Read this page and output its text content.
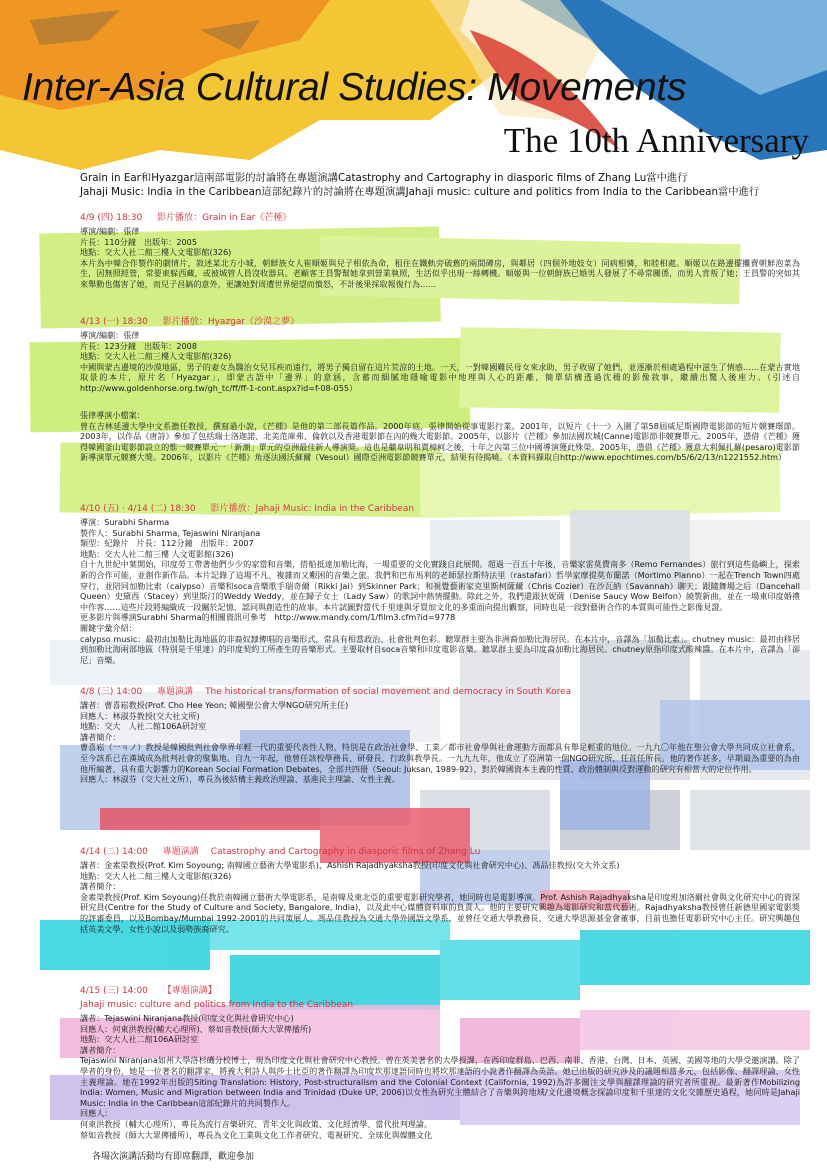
Inter-Asia Cultural Studies: Movements
The 10th Anniversary
Grain in Ear和Hyazgar這兩部電影的討論將在專題演講Catastrophy and Cartography in diasporic films of Zhang Lu當中進行
Jahaji Music: India in the Caribbean這部紀錄片的討論將在專題演講Jahaji music: culture and politics from India to the Caribbean當中進行
4/9 (四) 18:30 影片播放：Grain in Ear《芒種》
導演/編劇：張律
片長：110分鐘　出版年：2005
地點：交大人社二館三樓人文電影館(326)

本片為中韓合作製作的劇情片，敘述某北方小城，朝鮮族女人崔順姬與兒子相依為命，租住在鐵軌旁破舊的兩間磚房，與鄰居（四個外地妓女）同病相憐，和睦相處。順姬以在路邊擺攤賣朝鮮泡菜為生，因無照經營，常要東躲西藏，或被城管人員沒收器具。老顧客王員警幫她拿到營業執照，生活似乎出現一絲轉機。順姬與一位朝鮮族已婚男人發展了不尋常關係，而男人背叛了她；王員警的突如其來舉動也傷害了她，而兒子昌鎬的意外，更讓她對周遭世界絕望而憤怒，不計後果採取報復行為……

4/13 (一) 18:30 影片播放：Hyazgar《沙漠之夢》
導演/編劇：張律
片長：123分鐘　出版年：2008
地點：交大人社二館三樓人文電影館(326)

中國與蒙古邊境的沙漠地區，男子的妻女為醫治女兒耳疾而遠行，將男子獨自留在這片荒涼的土地。一天，一對韓國難民母女來求助，男子收留了她們，並逐漸於相處過程中滋生了情感……在蒙古實地取景的本片，原片名「Hyazgar」，即蒙古語中「邊界」的意涵，含蓄而細膩地隱喻電影中地理與人心的距離，簡單結構透過沈穩的影像敘事，繼續出驚人後座力。（引述自http://www.goldenhorse.org.tw/gh_tc/ff/ff-1-cont.aspx?id=f-08-055）

張律導演小檔案：

曾在吉林延邊大學中文系擔任教授，撰寫過小說，《芒種》是他的第二部長篇作品。2000年底，張律開始從事電影行業。2001年，以短片《十一》入圍了第58屆威尼斯國際電影節的短片競賽環節。2003年，以作品《唐詩》參加了包括瑞士洛迦諾、北美范庫弗、倫敦以及香港電影節在內的幾大電影節。2005年，以影片《芒種》參加法國坎城(Canne)電影節非競賽單元。2005年，憑借《芒種》獲得韓國釜山電影節設立的惟一競賽單元一「新潮」單元的亞洲最佳新人導演獎。這也是繼韋明和賈樟柯之後，十年之內第三位中國導演獲此殊榮。2005年，憑借《芒種》獲意大利佩扎羅(pesaro)電影節新導演單元競賽大獎。2006年，以影片《芒種》角逐法國沃蘇爾（Vesoul）國際亞洲電影節競賽單元，結果有待揭曉。（本資料擷取自http://www.epochtimes.com/b5/6/2/13/n1221552.htm）

4/10 (五) ‧ 4/14 (二) 18:30 影片播放：Jahaji Music: India in the Caribbean
導演：Surabhi Sharma
製作人：Surabhi Sharma, Tejaswini Niranjana
類型：紀錄片　片長：112分鐘　出版年：2007
地點：交大人社二館三樓 人文電影館(326)

自十九世紀中葉開始，印度勞工帶著他們少少的家當和音樂，搭船抵達加勒比海，一場重要的文化實踐自此展開。超過一百五十年後，音樂家雷莫費南多（Remo Fernandes）旅行到這些島嶼上，探索新的合作可能，並創作新作品。本片記錄了這場不凡、複雜而又艱困的音樂之旅。我們和巴布馬利的老師瑟拉斯特法里（rastafari）哲學家摩提莫布蘭諾（Mortimo Planno）一起在Trench Town四處穿行，並陪同加勒比索（calypso）音樂和soca音樂歌手瑞奇爾（Rikki Jai）到Skinner Park；和視覺藝術家克里斯柯薩爾（Chris Cozier）在沙瓦納（Savannah）聊天；跟隨舞場之后（Dancehall Queen）史黛西（Stacey）到里斯汀的Weddy Weddy，並在歸子女士（Lady Saw）的歌詞中熱情擺動。除此之外，我們還跟狄妮薩（Denise Saucy Wow Belfon）繞製新曲，並在一場東印度婚禮中作客……這些片段將編織成一段屬於記憶、認同與創造性的故事。本片試圖對當代千里達與牙買加文化的多重面向提出觀察，同時也是一段對藝術合作的本質與可能性之影像見證。

更多影片與導演Surabhi Sharma的相關資訊可參考　http://www.mandy.com/1/film3.cfm?id=9778
關鍵字彙介紹：

calypso music：最初由加勒比海地區的非裔奴隸傳唱的音樂形式，常具有相當政治、社會批判色彩。聽眾群主要為非洲裔加勒比海居民。在本片中，音譯為「加勒比索」。chutney music：最初由移居到加勒比海兩部地區（特別是千里達）的印度契約工所產生的音樂形式。主要取材自soca音樂和印度電影音樂。聽眾群主要為印度裔加勒比海居民。chutney原指印度式酸辣醬。在本片中，音譯為「卻尼」音樂。

4/8 (三) 14:00 專題演講 The historical trans/formation of social movement and democracy in South Korea
講者：曹喜崧教授(Prof. Cho Hee Yeon; 韓國聖公會大學NGO研究所主任)
回應人：林淑芬教授(交大社文所)
地點：交大　人社二館106A研討室
講者簡介：

曹喜崧（一ㄢノ）教授是韓國批判社會學界年輕一代的重要代表性人物，特別是在政治社會學、工業／都市社會學與社會運動方面都具有舉足輕重的地位。一九九〇年他在聖公會大學共同成立社會系，至今該系已在漢城成為批判社會的聚集地。自九一年起，他曾任該校學務長、研發長、行政與教學長。一九九九年，他成立了亞洲第一個NGO研究所，任首任所長。他的著作甚多，早期最為重要的為由他所編著、具有重大影響力的Korean Social Formation Debates，全部共四冊（Seoul: Juksan, 1989-92），對於韓國資本主義的性質、政治體制與反對運動的研究有相當大的定位作用。

回應人：林淑芬（交大社文所），專長為後結構主義政治理論、基進民主理論、女性主義。
4/14 (二) 14:00 專題演講 Catastrophy and Cartography in diasporic films of Zhang Lu
講者：金素榮教授(Prof. Kim Soyoung; 南韓國立藝術大學電影系)、Ashish Rajadhyaksha教授(印度文化與社會研究中心)、馮品佳教授(交大外文系)
地點：交大人社二館三樓人文電影館(326)
講者簡介：

金素榮教授(Prof. Kim Soyoung)任教於南韓國立藝術大學電影系，是南韓及東北亞的重要電影研究學者，她同時也是電影導演。Prof. Ashish Rajadhyaksha是印度班加洛爾社會與文化研究中心的資深研究員(Centre for the Study of Culture and Society, Bangalore, India)，以及此中心媒體資料庫的負責人。他的主要研究興趣為電影研究和當代藝術。Rajadhyaksha教授曾任新德里國家電影獎的評審委員，以及Bombay/Mumbai 1992-2001的共同策展人。馮品佳教授為交通大學外國語文學系、並曾任交通大學教務長、交通大學思源基金會董事，目前也擔任電影研究中心主任。研究興趣包括英美文學、女性小說以及弱勢族裔研究。

4/15 (三) 14:00 【專題演講】
Jahaji music: culture and politics from India to the Caribbean
講者：Tejaswini Niranjana教授(印度文化與社會研究中心)
回應人：何東洪教授(輔大心理所)、蔡如音教授(師大大眾傳播所)
地點：交大人社二館106A研討室
講者簡介：

Tejaswini Niranjana如州大學洛杉磯分校博士，現為印度文化與社會研究中心教授。曾在英美著名的大學授課，在西印度群島、巴西、南非、香港、台灣、日本、英國、美國等地的大學受邀演講。除了學者的身份，她是一位著名的翻譯家，將義大利詩人與莎士比亞的著作翻譯為印度坎那達語同時也將坎那達語的小說著作翻譯為英語。她已出版的研究涉及的議題相當多元，包括影像、翻譯理論、女性主義理論。她在1992年出版的Siting Translation: History, Post-structuralism and the Colonial Context (California, 1992)為許多關注文學與翻譯理論的研究者所重視。最新著作Mobilizing India: Women, Music and Migration between India and Trinidad (Duke UP, 2006)以女性為研究主體結合了音樂與跨地域/文化邊境概念探論印度和千里達的文化交雜歷史過程，她同時是Jahaji Music: India in the Caribbean這部紀錄片的共同製作人。

回應人：
何東洪教授（輔大心理所），專長為流行音樂研究、青年文化與政策、文化經濟學、當代批判理論。
蔡如音教授（師大大眾傳播所），專長為文化工業與文化工作者研究、電視研究、全球化與媒體文化
各場次演講活動均有即席翻譯，歡迎參加
